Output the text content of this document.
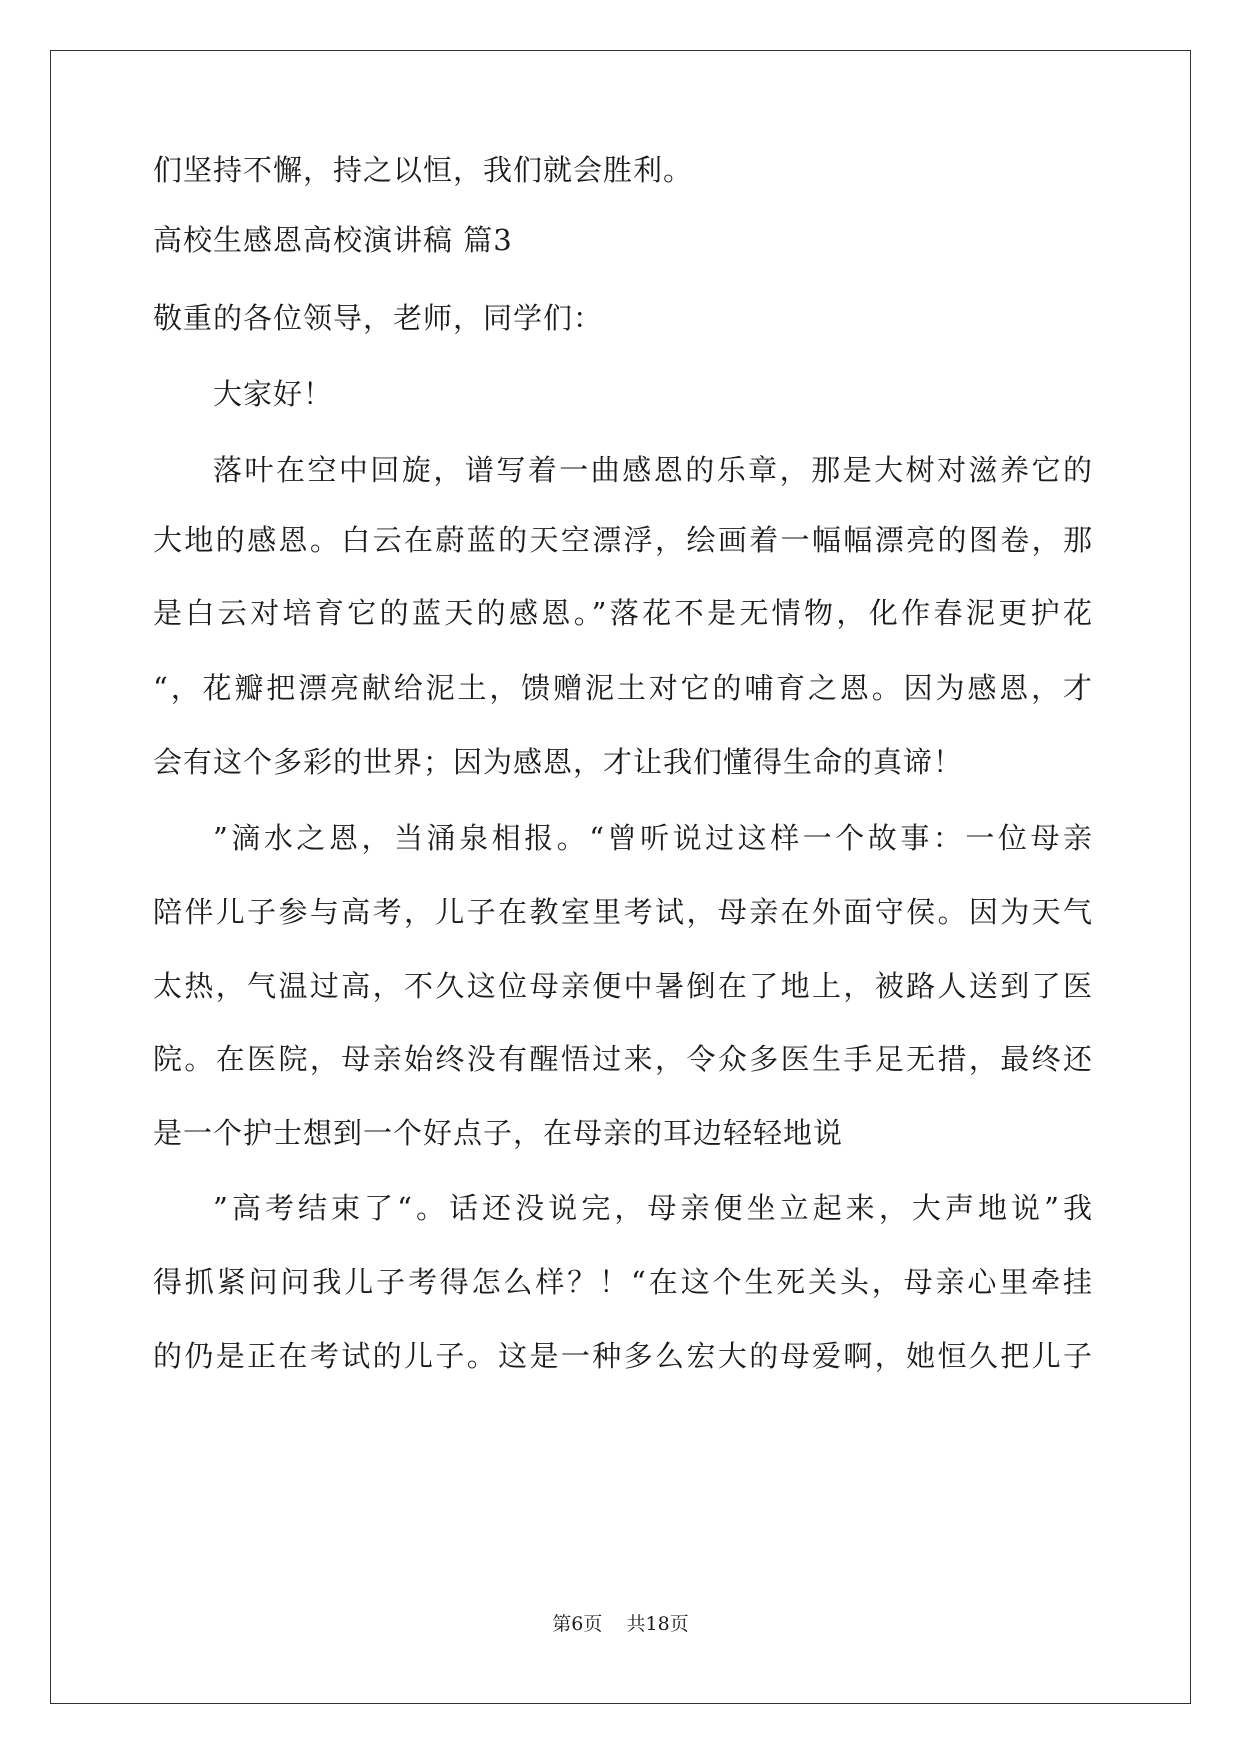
们坚持不懈，持之以恒，我们就会胜利。
高校生感恩高校演讲稿 篇3
敬重的各位领导，老师，同学们：
大家好！
落叶在空中回旋，谱写着一曲感恩的乐章，那是大树对滋养它的
大地的感恩。白云在蔚蓝的天空漂浮，绘画着一幅幅漂亮的图卷，那
是白云对培育它的蓝天的感恩。”落花不是无情物，化作春泥更护花
“，花瓣把漂亮献给泥土，馈赠泥土对它的哺育之恩。因为感恩，才
会有这个多彩的世界；因为感恩，才让我们懂得生命的真谛！
”滴水之恩，当涌泉相报。“曾听说过这样一个故事：一位母亲
陪伴儿子参与高考，儿子在教室里考试，母亲在外面守侯。因为天气
太热，气温过高，不久这位母亲便中暑倒在了地上，被路人送到了医
院。在医院，母亲始终没有醒悟过来，令众多医生手足无措，最终还
是一个护士想到一个好点子，在母亲的耳边轻轻地说
”高考结束了“。话还没说完，母亲便坐立起来，大声地说”我
得抓紧问问我儿子考得怎么样？！“在这个生死关头，母亲心里牵挂
的仍是正在考试的儿子。这是一种多么宏大的母爱啊，她恒久把儿子
第6页 共18页
